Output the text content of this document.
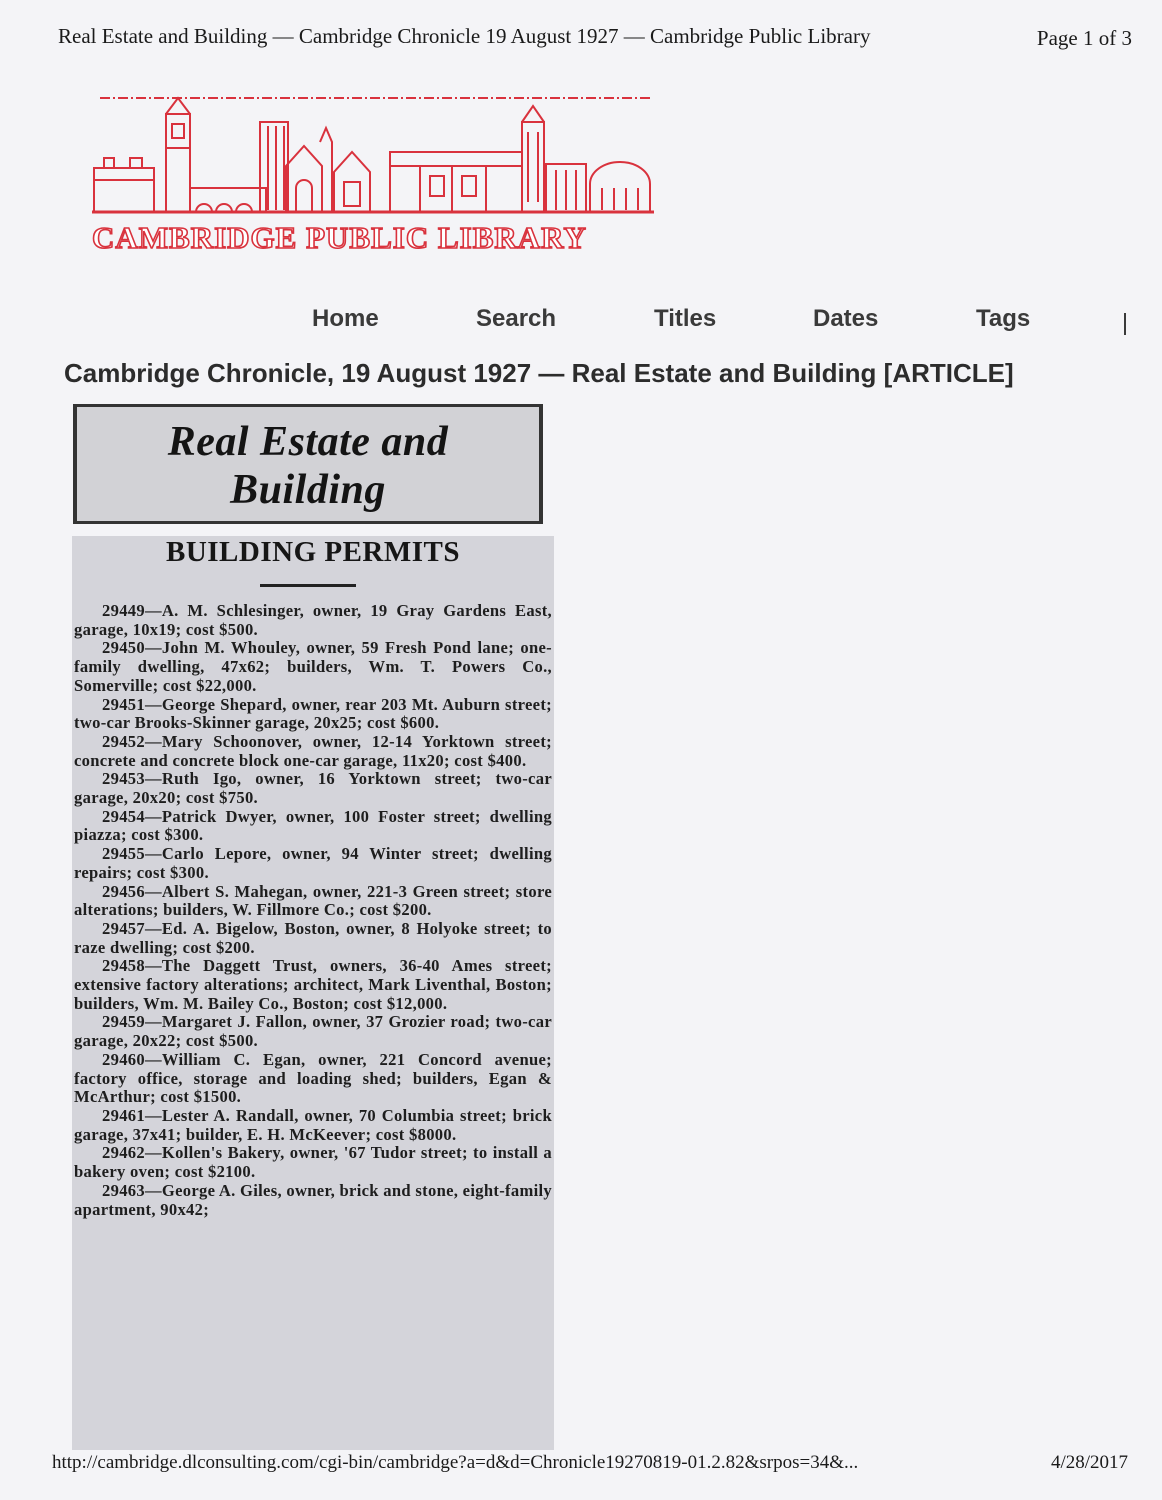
Real Estate and Building — Cambridge Chronicle 19 August 1927 — Cambridge Public Library	Page 1 of 3
CAMBRIDGE PUBLIC LIBRARY
Home	Search	Titles	Dates	Tags
Cambridge Chronicle, 19 August 1927 — Real Estate and Building [ARTICLE]
Real Estate and
Building
BUILDING PERMITS

29449—A. M. Schlesinger, owner, 19 Gray Gardens East, garage, 10x19; cost $500.

29450—John M. Whouley, owner, 59 Fresh Pond lane; one-family dwelling, 47x62; builders, Wm. T. Powers Co., Somerville; cost $22,000.

29451—George Shepard, owner, rear 203 Mt. Auburn street; two-car Brooks-Skinner garage, 20x25; cost $600.

29452—Mary Schoonover, owner, 12-14 Yorktown street; concrete and concrete block one-car garage, 11x20; cost $400.

29453—Ruth Igo, owner, 16 Yorktown street; two-car garage, 20x20; cost $750.

29454—Patrick Dwyer, owner, 100 Foster street; dwelling piazza; cost $300.

29455—Carlo Lepore, owner, 94 Winter street; dwelling repairs; cost $300.

29456—Albert S. Mahegan, owner, 221-3 Green street; store alterations; builders, W. Fillmore Co.; cost $200.

29457—Ed. A. Bigelow, Boston, owner, 8 Holyoke street; to raze dwelling; cost $200.

29458—The Daggett Trust, owners, 36-40 Ames street; extensive factory alterations; architect, Mark Liventhal, Boston; builders, Wm. M. Bailey Co., Boston; cost $12,000.

29459—Margaret J. Fallon, owner, 37 Grozier road; two-car garage, 20x22; cost $500.

29460—William C. Egan, owner, 221 Concord avenue; factory office, storage and loading shed; builders, Egan & McArthur; cost $1500.

29461—Lester A. Randall, owner, 70 Columbia street; brick garage, 37x41; builder, E. H. McKeever; cost $8000.

29462—Kollen's Bakery, owner, '67 Tudor street; to install a bakery oven; cost $2100.

29463—George A. Giles, owner, brick and stone, eight-family apartment, 90x42;

http://cambridge.dlconsulting.com/cgi-bin/cambridge?a=d&d=Chronicle19270819-01.2.82&srpos=34&...	4/28/2017
